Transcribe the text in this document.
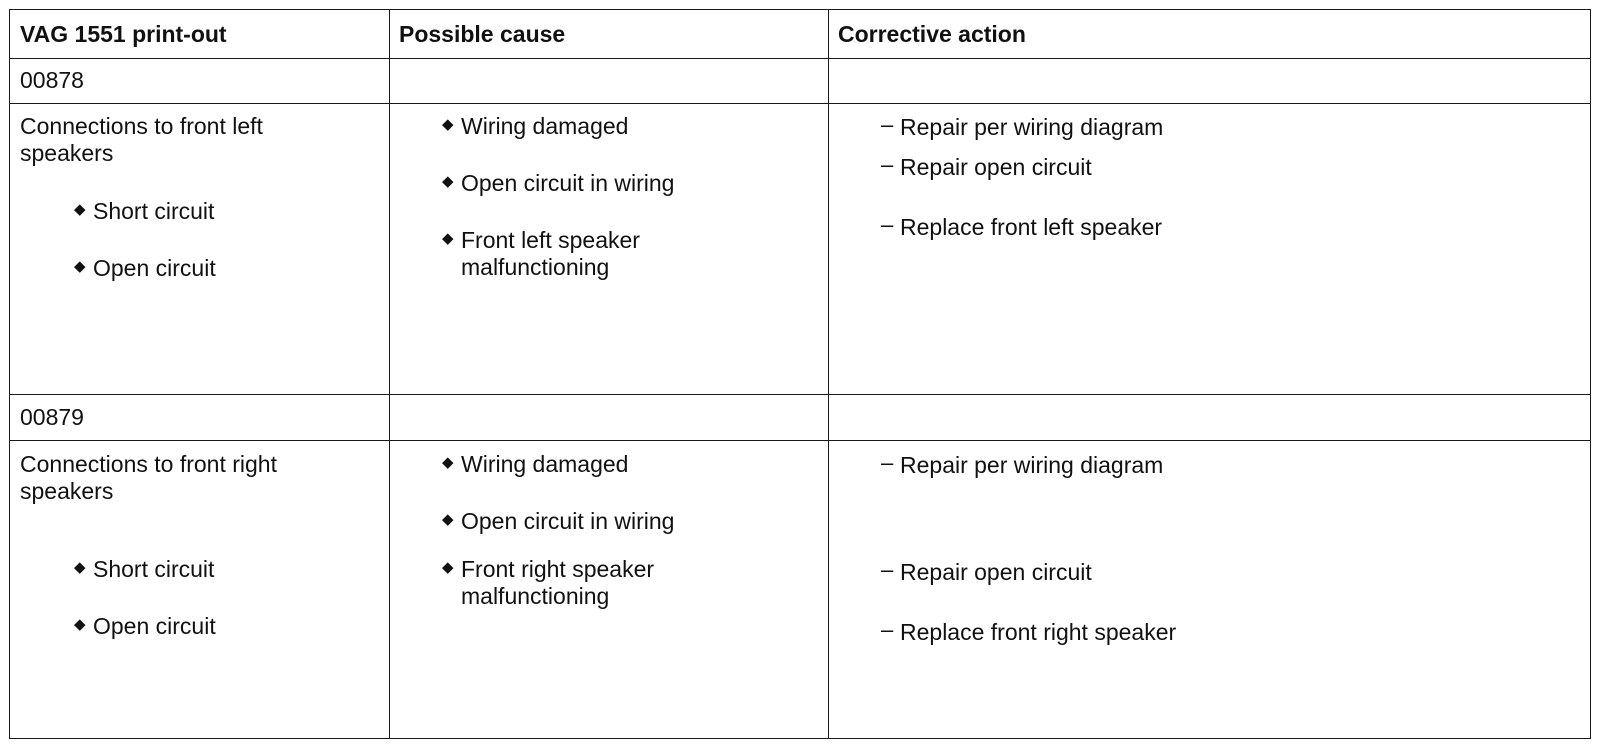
VAG 1551 print-out	Possible cause	Corrective action
00878
Connections to front left
speakers
◆ Short circuit
◆ Open circuit
◆ Wiring damaged
◆ Open circuit in wiring
◆ Front left speaker
malfunctioning
– Repair per wiring diagram
– Repair open circuit
– Replace front left speaker
00879
Connections to front right
speakers
◆ Short circuit
◆ Open circuit
◆ Wiring damaged
◆ Open circuit in wiring
◆ Front right speaker
malfunctioning
– Repair per wiring diagram
– Repair open circuit
– Replace front right speaker
